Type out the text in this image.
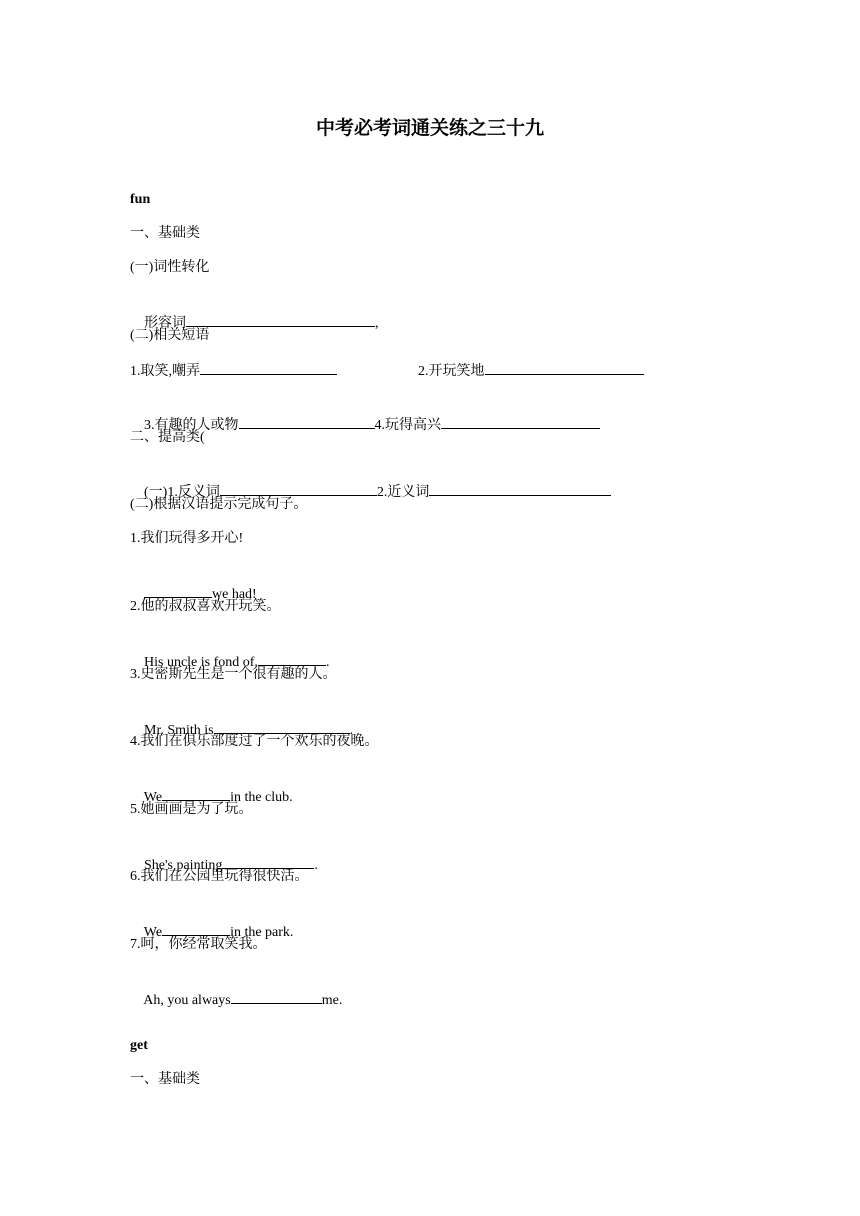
中考必考词通关练之三十九
fun
一、基础类
(一)词性转化

形容词	,

(二)相关短语

1.取笑,嘲弄

	2.开玩笑地

3.有趣的人或物	4.玩得高兴

二、提高类(

(一)1.反义词	2.近义词

(二)根据汉语提示完成句子。
1.我们玩得多开心!

we had!

2.他的叔叔喜欢开玩笑。

His uncle is fond of.	.

3.史密斯先生是一个很有趣的人。

Mr. Smith is	.

4.我们在俱乐部度过了一个欢乐的夜晚。

We	in the club.

5.她画画是为了玩。

She's painting	.

6.我们在公园里玩得很快活。

We	in the park.

7.呵，你经常取笑我。

Ah, you always	me.

get
一、基础类
